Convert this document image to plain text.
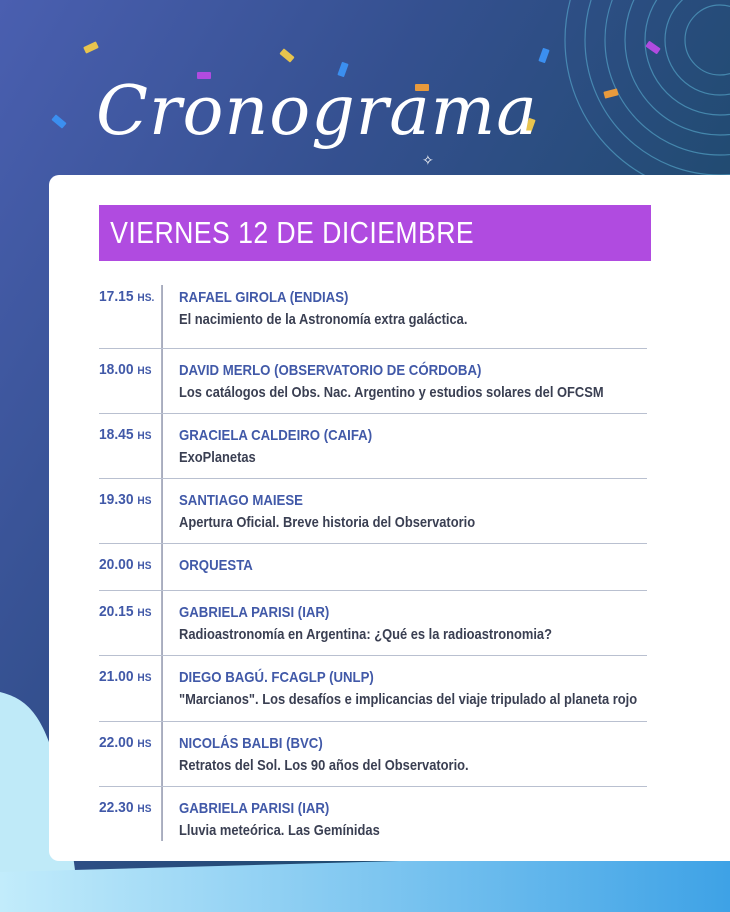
Cronograma
✧
VIERNES 12 DE DICIEMBRE
17.15 HS.	RAFAEL GIROLA (ENDIAS)
El nacimiento de la Astronomía extra galáctica.
18.00 HS	DAVID MERLO (OBSERVATORIO DE CÓRDOBA)
Los catálogos del Obs. Nac. Argentino y estudios solares del OFCSM
18.45 HS	GRACIELA CALDEIRO (CAIFA)
ExoPlanetas
19.30 HS	SANTIAGO MAIESE
Apertura Oficial. Breve historia del Observatorio
20.00 HS	ORQUESTA
20.15 HS	GABRIELA PARISI (IAR)
Radioastronomía en Argentina: ¿Qué es la radioastronomia?
21.00 HS	DIEGO BAGÚ. FCAGLP (UNLP)
"Marcianos". Los desafíos e implicancias del viaje tripulado al planeta rojo
22.00 HS	NICOLÁS BALBI (BVC)
Retratos del Sol. Los 90 años del Observatorio.
22.30 HS	GABRIELA PARISI (IAR)
Lluvia meteórica. Las Gemínidas
